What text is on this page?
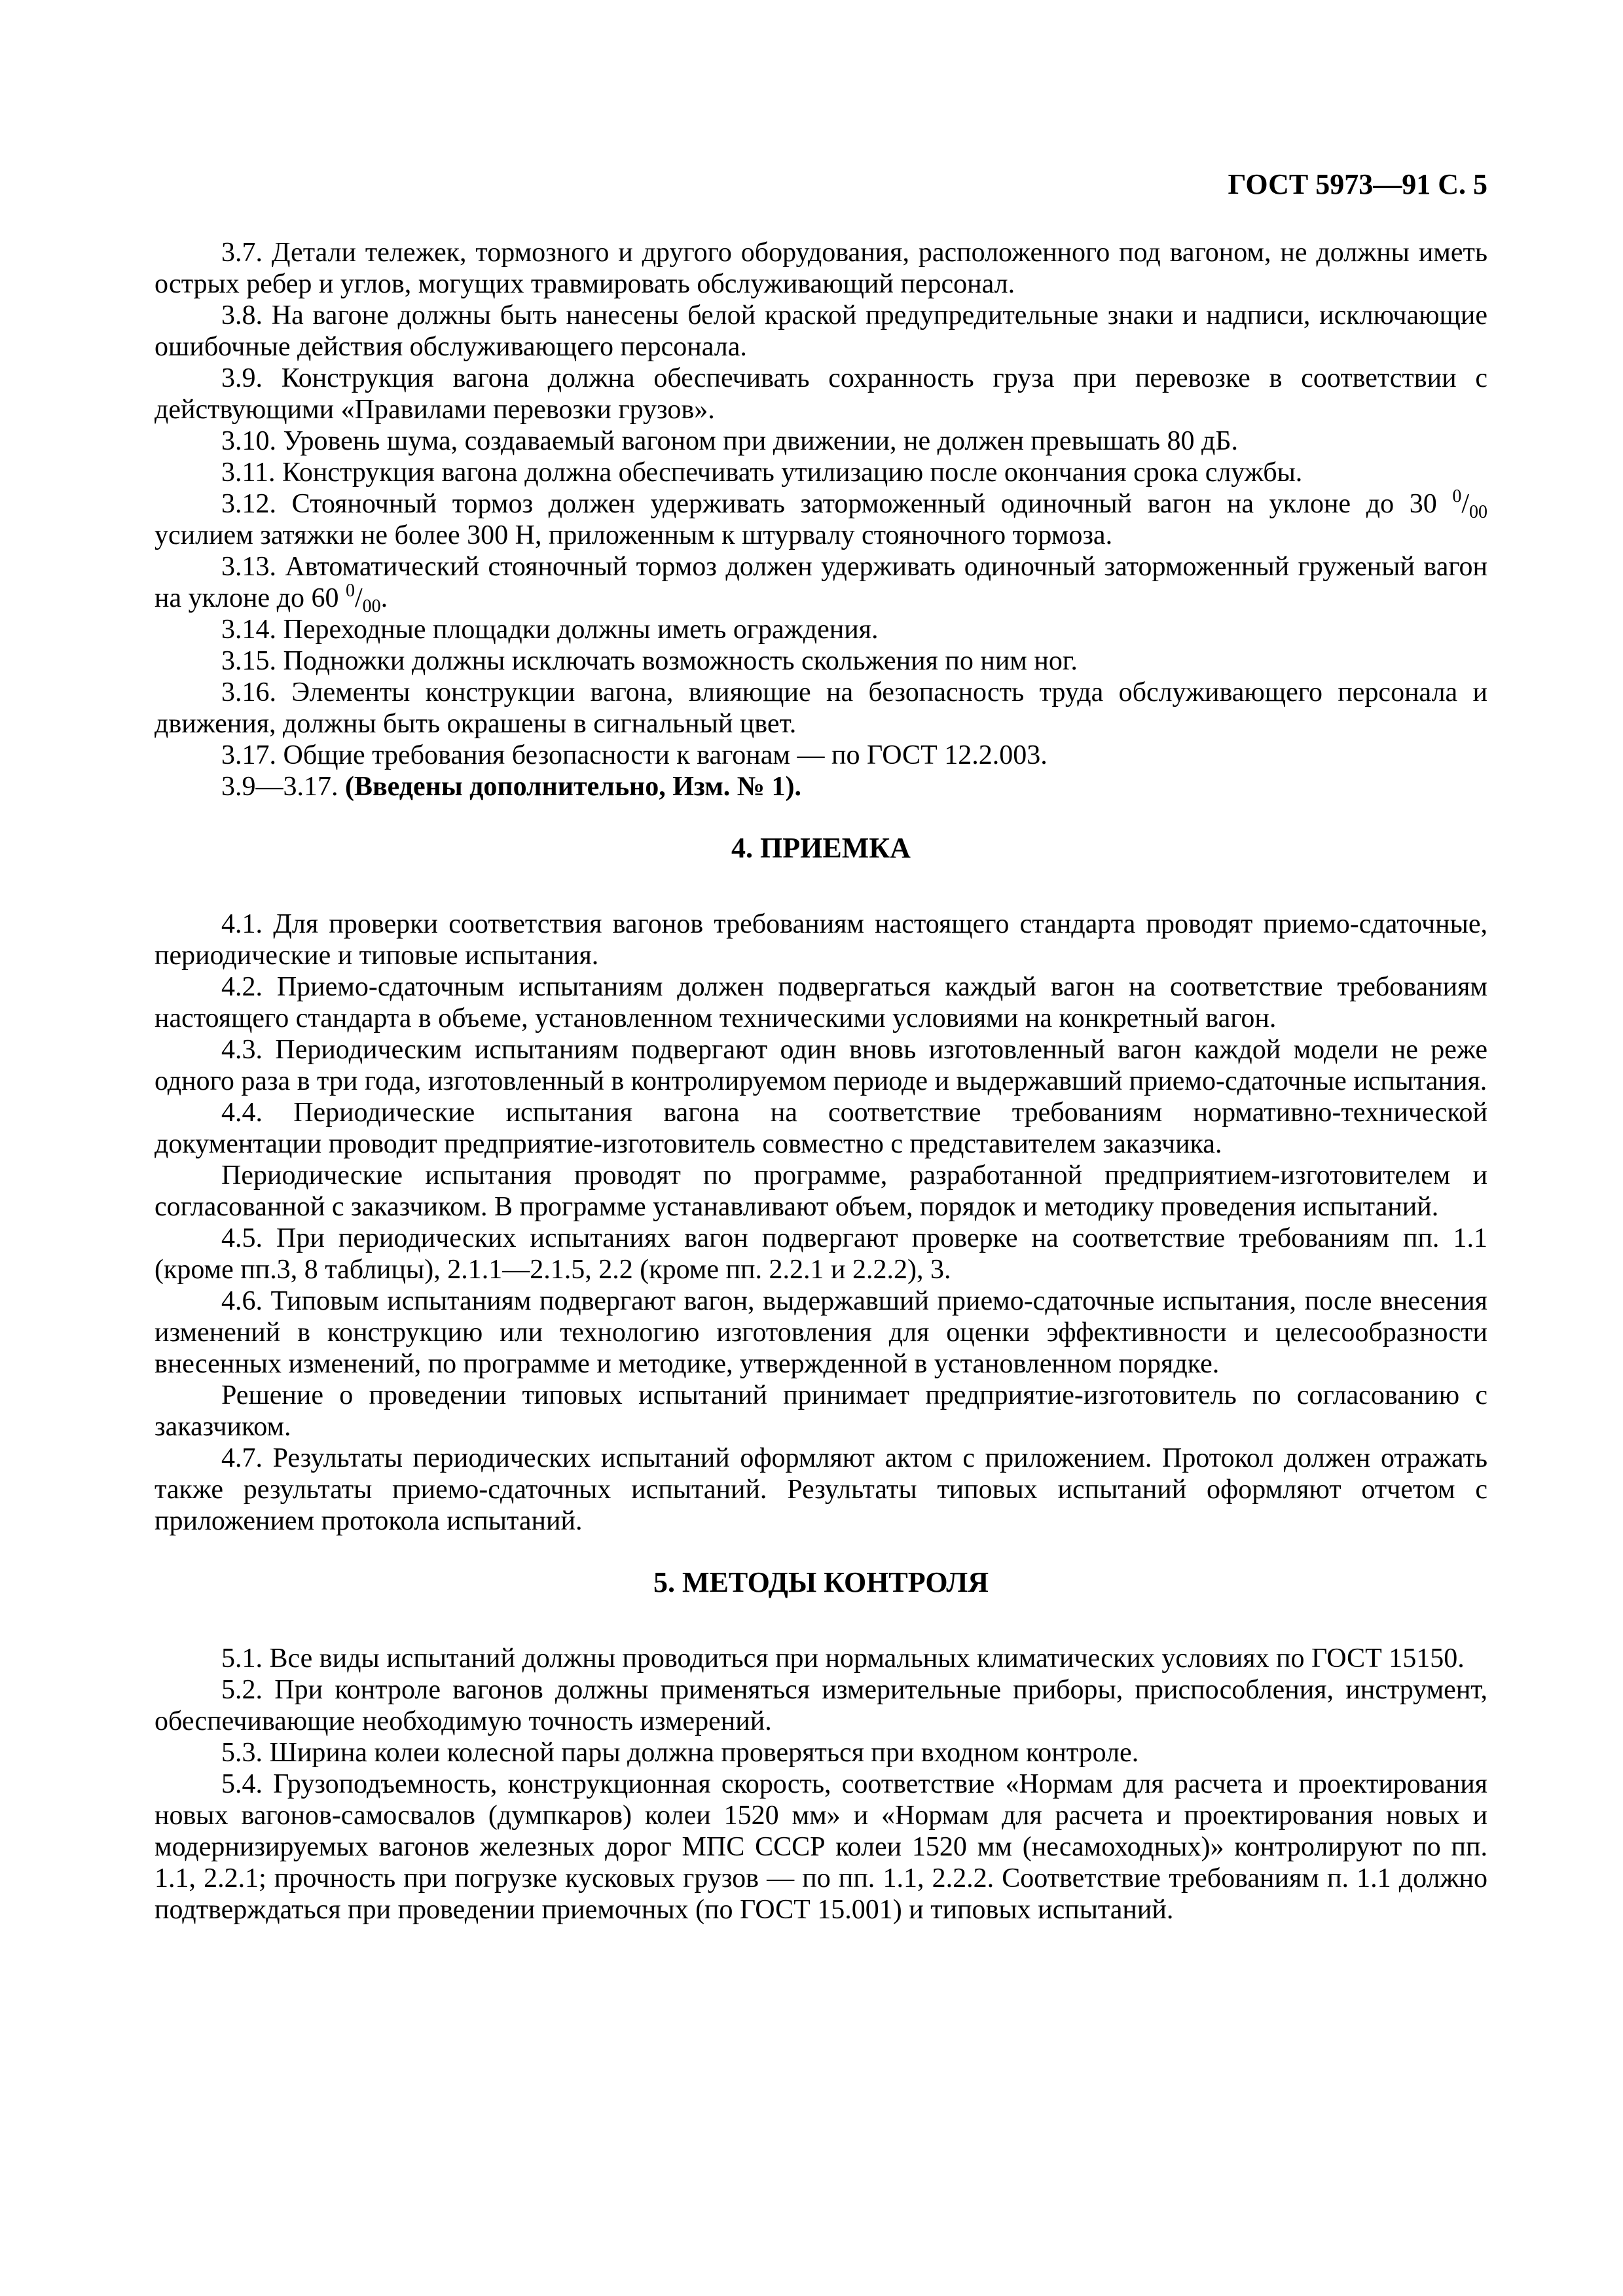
ГОСТ 5973—91 С. 5

3.7. Детали тележек, тормозного и другого оборудования, расположенного под вагоном, не должны иметь острых ребер и углов, могущих травмировать обслуживающий персонал.

3.8. На вагоне должны быть нанесены белой краской предупредительные знаки и надписи, исключающие ошибочные действия обслуживающего персонала.

3.9. Конструкция вагона должна обеспечивать сохранность груза при перевозке в соответствии с действующими «Правилами перевозки грузов».

3.10. Уровень шума, создаваемый вагоном при движении, не должен превышать 80 дБ.

3.11. Конструкция вагона должна обеспечивать утилизацию после окончания срока службы.

3.12. Стояночный тормоз должен удерживать заторможенный одиночный вагон на уклоне до 30 $^0/_{00}$ усилием затяжки не более 300 Н, приложенным к штурвалу стояночного тормоза.

3.13. Автоматический стояночный тормоз должен удерживать одиночный заторможенный груженый вагон на уклоне до 60 $^0/_{00}$.

3.14. Переходные площадки должны иметь ограждения.

3.15. Подножки должны исключать возможность скольжения по ним ног.

3.16. Элементы конструкции вагона, влияющие на безопасность труда обслуживающего персонала и движения, должны быть окрашены в сигнальный цвет.

3.17. Общие требования безопасности к вагонам — по ГОСТ 12.2.003.

3.9—3.17. (Введены дополнительно, Изм. № 1).

4. ПРИЕМКА

4.1. Для проверки соответствия вагонов требованиям настоящего стандарта проводят приемо-сдаточные, периодические и типовые испытания.

4.2. Приемо-сдаточным испытаниям должен подвергаться каждый вагон на соответствие требованиям настоящего стандарта в объеме, установленном техническими условиями на конкретный вагон.

4.3. Периодическим испытаниям подвергают один вновь изготовленный вагон каждой модели не реже одного раза в три года, изготовленный в контролируемом периоде и выдержавший приемо-сдаточные испытания.

4.4. Периодические испытания вагона на соответствие требованиям нормативно-технической документации проводит предприятие-изготовитель совместно с представителем заказчика.

Периодические испытания проводят по программе, разработанной предприятием-изготовителем и согласованной с заказчиком. В программе устанавливают объем, порядок и методику проведения испытаний.

4.5. При периодических испытаниях вагон подвергают проверке на соответствие требованиям пп. 1.1 (кроме пп.3, 8 таблицы), 2.1.1—2.1.5, 2.2 (кроме пп. 2.2.1 и 2.2.2), 3.

4.6. Типовым испытаниям подвергают вагон, выдержавший приемо-сдаточные испытания, после внесения изменений в конструкцию или технологию изготовления для оценки эффективности и целесообразности внесенных изменений, по программе и методике, утвержденной в установленном порядке.

Решение о проведении типовых испытаний принимает предприятие-изготовитель по согласованию с заказчиком.

4.7. Результаты периодических испытаний оформляют актом с приложением. Протокол должен отражать также результаты приемо-сдаточных испытаний. Результаты типовых испытаний оформляют отчетом с приложением протокола испытаний.

5. МЕТОДЫ КОНТРОЛЯ

5.1. Все виды испытаний должны проводиться при нормальных климатических условиях по ГОСТ 15150.

5.2. При контроле вагонов должны применяться измерительные приборы, приспособления, инструмент, обеспечивающие необходимую точность измерений.

5.3. Ширина колеи колесной пары должна проверяться при входном контроле.

5.4. Грузоподъемность, конструкционная скорость, соответствие «Нормам для расчета и проектирования новых вагонов-самосвалов (думпкаров) колеи 1520 мм» и «Нормам для расчета и проектирования новых и модернизируемых вагонов железных дорог МПС СССР колеи 1520 мм (несамоходных)» контролируют по пп. 1.1, 2.2.1; прочность при погрузке кусковых грузов — по пп. 1.1, 2.2.2. Соответствие требованиям п. 1.1 должно подтверждаться при проведении приемочных (по ГОСТ 15.001) и типовых испытаний.
